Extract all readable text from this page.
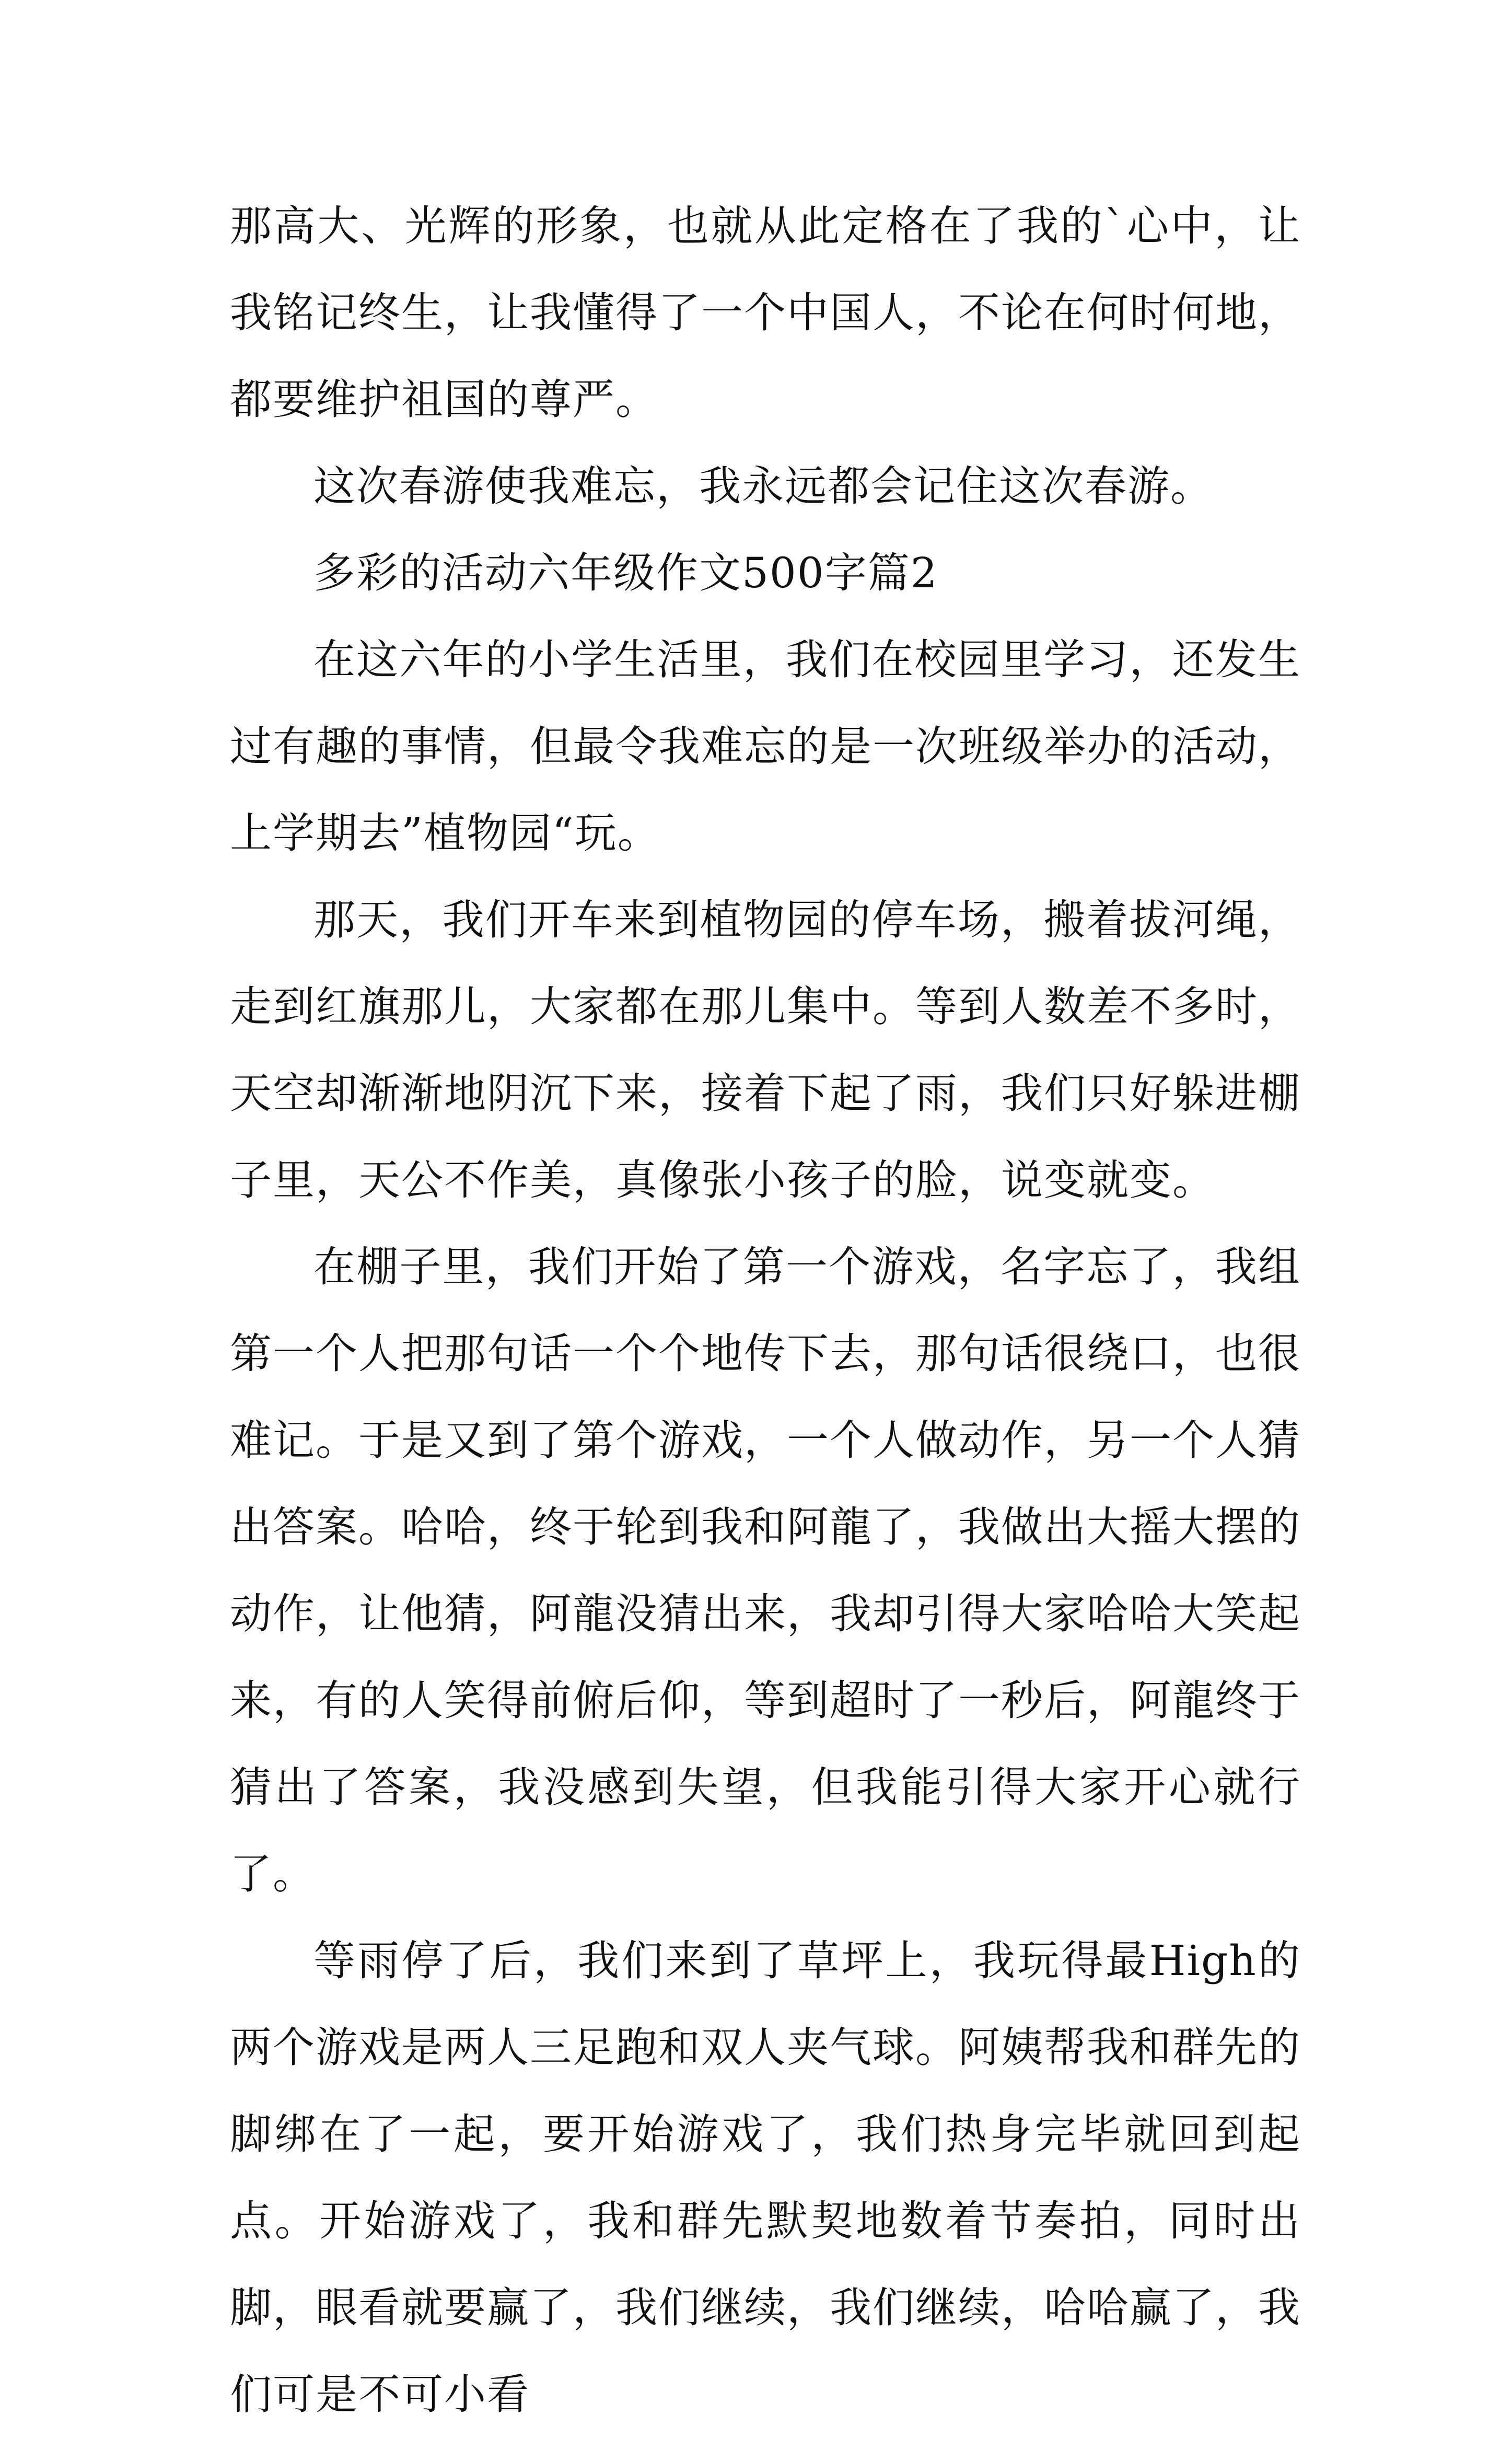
那高大、光辉的形象，也就从此定格在了我的`心中，让我铭记终生，让我懂得了一个中国人，不论在何时何地，都要维护祖国的尊严。

这次春游使我难忘，我永远都会记住这次春游。

多彩的活动六年级作文500字篇2

在这六年的小学生活里，我们在校园里学习，还发生过有趣的事情，但最令我难忘的是一次班级举办的活动，上学期去”植物园“玩。

那天，我们开车来到植物园的停车场，搬着拔河绳，走到红旗那儿，大家都在那儿集中。等到人数差不多时，天空却渐渐地阴沉下来，接着下起了雨，我们只好躲进棚子里，天公不作美，真像张小孩子的脸，说变就变。

在棚子里，我们开始了第一个游戏，名字忘了，我组第一个人把那句话一个个地传下去，那句话很绕口，也很难记。于是又到了第个游戏，一个人做动作，另一个人猜出答案。哈哈，终于轮到我和阿龍了，我做出大摇大摆的动作，让他猜，阿龍没猜出来，我却引得大家哈哈大笑起来，有的人笑得前俯后仰，等到超时了一秒后，阿龍终于猜出了答案，我没感到失望，但我能引得大家开心就行了。

等雨停了后，我们来到了草坪上，我玩得最High的两个游戏是两人三足跑和双人夹气球。阿姨帮我和群先的脚绑在了一起，要开始游戏了，我们热身完毕就回到起点。开始游戏了，我和群先默契地数着节奏拍，同时出脚，眼看就要赢了，我们继续，我们继续，哈哈赢了，我们可是不可小看
